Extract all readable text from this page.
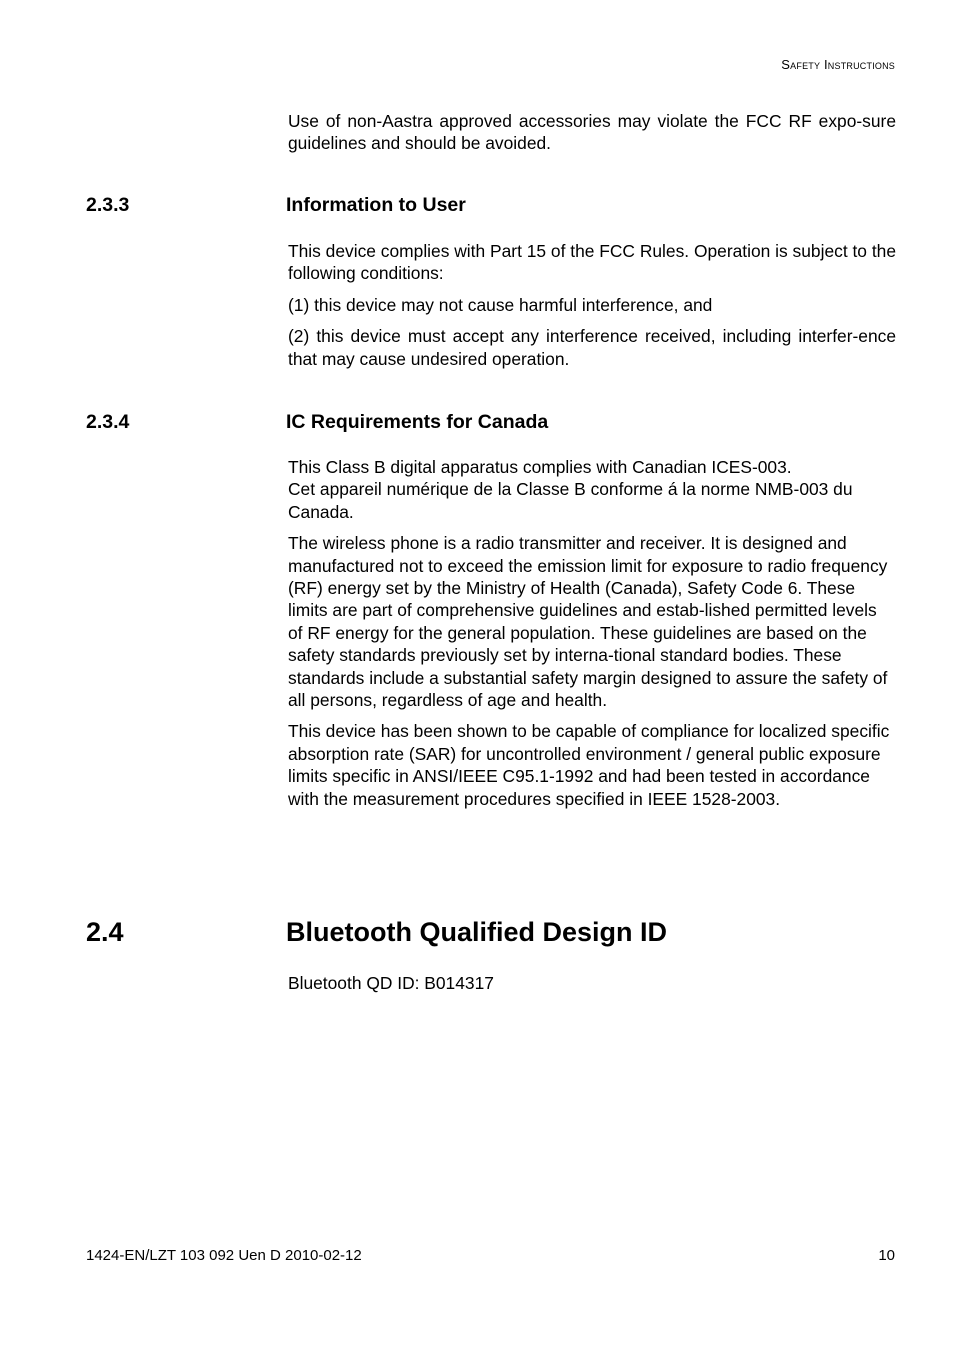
Safety Instructions

Use of non-Aastra approved accessories may violate the FCC RF expo-sure guidelines and should be avoided.

2.3.3	Information to User

This device complies with Part 15 of the FCC Rules. Operation is subject to the following conditions:

(1) this device may not cause harmful interference, and

(2) this device must accept any interference received, including interfer-ence that may cause undesired operation.

2.3.4	IC Requirements for Canada

This Class B digital apparatus complies with Canadian ICES-003.
Cet appareil numérique de la Classe B conforme á la norme NMB-003 du Canada.

The wireless phone is a radio transmitter and receiver. It is designed and manufactured not to exceed the emission limit for exposure to radio frequency (RF) energy set by the Ministry of Health (Canada), Safety Code 6. These limits are part of comprehensive guidelines and estab-lished permitted levels of RF energy for the general population. These guidelines are based on the safety standards previously set by interna-tional standard bodies. These standards include a substantial safety margin designed to assure the safety of all persons, regardless of age and health.

This device has been shown to be capable of compliance for localized specific absorption rate (SAR) for uncontrolled environment / general public exposure limits specific in ANSI/IEEE C95.1-1992 and had been tested in accordance with the measurement procedures specified in IEEE 1528-2003.

2.4	Bluetooth Qualified Design ID

Bluetooth QD ID: B014317

1424-EN/LZT 103 092 Uen D 2010-02-12	10
